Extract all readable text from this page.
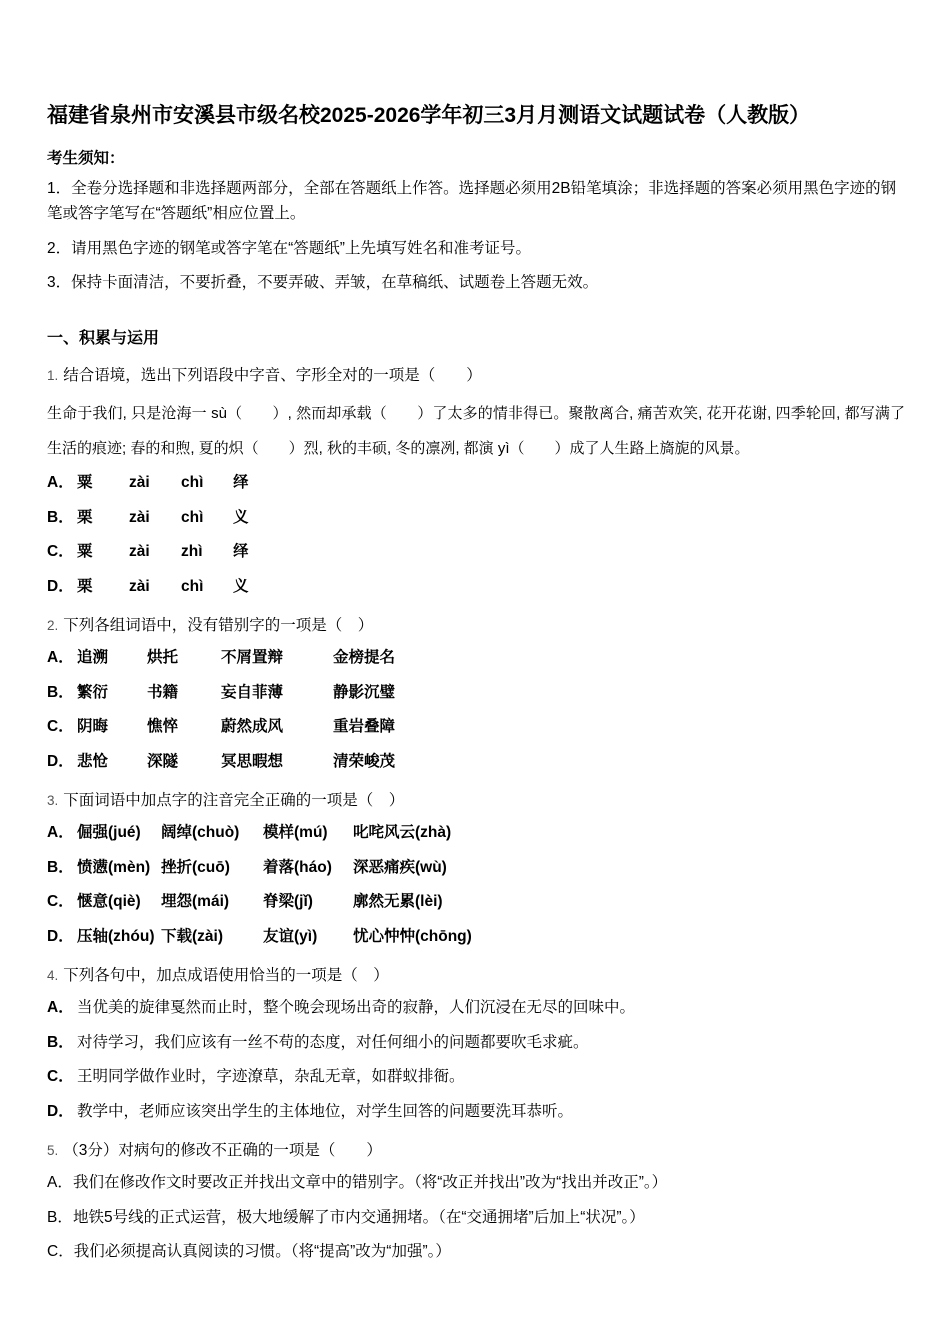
福建省泉州市安溪县市级名校2025-2026学年初三3月月测语文试题试卷（人教版）

考生须知：

1．全卷分选择题和非选择题两部分，全部在答题纸上作答。选择题必须用2B铅笔填涂；非选择题的答案必须用黑色字迹的钢笔或答字笔写在“答题纸”相应位置上。

2．请用黑色字迹的钢笔或答字笔在“答题纸”上先填写姓名和准考证号。

3．保持卡面清洁，不要折叠，不要弄破、弄皱，在草稿纸、试题卷上答题无效。

一、积累与运用

1. 结合语境，选出下列语段中字音、字形全对的一项是（　　）

生命于我们, 只是沧海一 sù（　　）, 然而却承载（　　）了太多的情非得已。聚散离合, 痛苦欢笑, 花开花谢, 四季轮回, 都写满了生活的痕迹; 春的和煦, 夏的炽（　　）烈, 秋的丰硕, 冬的凛冽, 都演 yì（　　）成了人生路上旖旎的风景。

A． 粟 zài chì 绎

B． 栗 zài chì 义

C． 粟 zài zhì 绎

D． 栗 zài chì 义

2. 下列各组词语中，没有错别字的一项是（　）

A． 追溯	烘托	不屑置辩	金榜提名

B． 繁衍	书籍	妄自菲薄	静影沉璧

C． 阴晦	憔悴	蔚然成风	重岩叠障

D． 悲怆	深隧	冥思暇想	清荣峻茂

3. 下面词语中加点字的注音完全正确的一项是（　）

A． 倔强(jué) 阔绰(chuò) 模样(mú) 叱咤风云(zhà)

B． 愤懑(mèn) 挫折(cuō) 着落(háo) 深恶痛疾(wù)

C． 惬意(qiè) 埋怨(mái) 脊梁(jǐ)	廓然无累(lèi)

D． 压轴(zhóu) 下载(zài)	友谊(yì) 忧心忡忡(chōng)

4. 下列各句中，加点成语使用恰当的一项是（　）

A． 当优美的旋律戛然而止时，整个晚会现场出奇的寂静，人们沉浸在无尽的回味中。

B． 对待学习，我们应该有一丝不苟的态度，对任何细小的问题都要吹毛求疵。

C． 王明同学做作业时，字迹潦草，杂乱无章，如群蚁排衙。

D． 教学中，老师应该突出学生的主体地位，对学生回答的问题要洗耳恭听。

5. （3分）对病句的修改不正确的一项是（　　）

A．我们在修改作文时要改正并找出文章中的错别字。（将“改正并找出”改为“找出并改正”。）

B．地铁5号线的正式运营，极大地缓解了市内交通拥堵。（在“交通拥堵”后加上“状况”。）

C．我们必须提高认真阅读的习惯。（将“提高”改为“加强”。）
